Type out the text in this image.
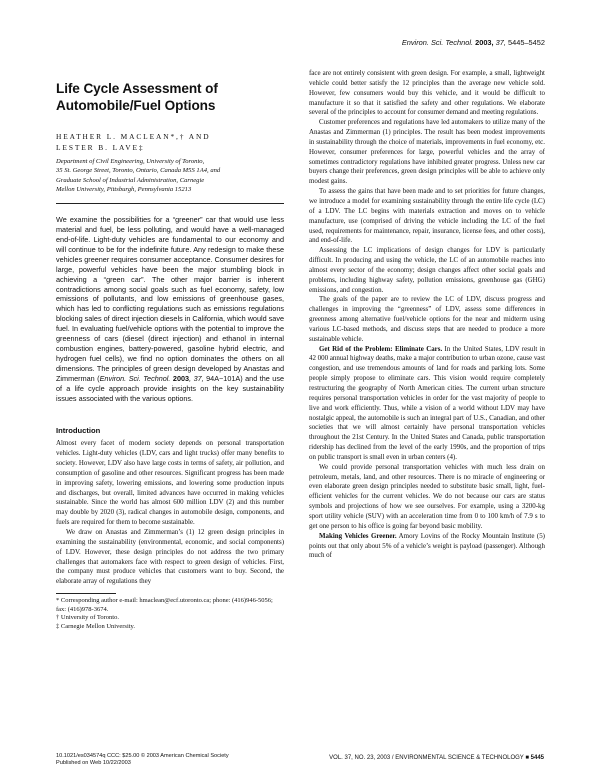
Environ. Sci. Technol. 2003, 37, 5445–5452
Life Cycle Assessment of Automobile/Fuel Options
HEATHER L. MACLEAN*,† AND
LESTER B. LAVE‡
Department of Civil Engineering, University of Toronto,
35 St. George Street, Toronto, Ontario, Canada M5S 1A4, and
Graduate School of Industrial Administration, Carnegie
Mellon University, Pittsburgh, Pennsylvania 15213
We examine the possibilities for a “greener” car that would use less material and fuel, be less polluting, and would have a well-managed end-of-life. Light-duty vehicles are fundamental to our economy and will continue to be for the indefinite future. Any redesign to make these vehicles greener requires consumer acceptance. Consumer desires for large, powerful vehicles have been the major stumbling block in achieving a “green car”. The other major barrier is inherent contradictions among social goals such as fuel economy, safety, low emissions of pollutants, and low emissions of greenhouse gases, which has led to conflicting regulations such as emissions regulations blocking sales of direct injection diesels in California, which would save fuel. In evaluating fuel/vehicle options with the potential to improve the greenness of cars (diesel (direct injection) and ethanol in internal combustion engines, battery-powered, gasoline hybrid electric, and hydrogen fuel cells), we find no option dominates the others on all dimensions. The principles of green design developed by Anastas and Zimmerman (Environ. Sci. Technol. 2003, 37, 94A−101A) and the use of a life cycle approach provide insights on the key sustainability issues associated with the various options.
Introduction

Almost every facet of modern society depends on personal transportation vehicles. Light-duty vehicles (LDV, cars and light trucks) offer many benefits to society. However, LDV also have large costs in terms of safety, air pollution, and consumption of gasoline and other resources. Significant progress has been made in improving safety, lowering emissions, and lowering some production inputs and discharges, but overall, limited advances have occurred in making vehicles sustainable. Since the world has almost 600 million LDV (2) and this number may double by 2020 (3), radical changes in automobile design, components, and fuels are required for them to become sustainable.

We draw on Anastas and Zimmerman’s (1) 12 green design principles in examining the sustainability (environmental, economic, and social components) of LDV. However, these design principles do not address the two primary challenges that automakers face with respect to green design of vehicles. First, the company must produce vehicles that customers want to buy. Second, the elaborate array of regulations they

* Corresponding author e-mail: hmaclean@ecf.utoronto.ca; phone: (416)946-5056; fax: (416)978-3674.
† University of Toronto.
‡ Carnegie Mellon University.

face are not entirely consistent with green design. For example, a small, lightweight vehicle could better satisfy the 12 principles than the average new vehicle sold. However, few consumers would buy this vehicle, and it would be difficult to manufacture it so that it satisfied the safety and other regulations. We elaborate several of the principles to account for consumer demand and meeting regulations.

Customer preferences and regulations have led automakers to utilize many of the Anastas and Zimmerman (1) principles. The result has been modest improvements in sustainability through the choice of materials, improvements in fuel economy, etc. However, consumer preferences for large, powerful vehicles and the array of sometimes contradictory regulations have inhibited greater progress. Unless new car buyers change their preferences, green design principles will be able to achieve only modest gains.

To assess the gains that have been made and to set priorities for future changes, we introduce a model for examining sustainability through the entire life cycle (LC) of a LDV. The LC begins with materials extraction and moves on to vehicle manufacture, use (comprised of driving the vehicle including the LC of the fuel used, requirements for maintenance, repair, insurance, license fees, and other costs), and end-of-life.

Assessing the LC implications of design changes for LDV is particularly difficult. In producing and using the vehicle, the LC of an automobile reaches into almost every sector of the economy; design changes affect other social goals and problems, including highway safety, pollution emissions, greenhouse gas (GHG) emissions, and congestion.

The goals of the paper are to review the LC of LDV, discuss progress and challenges in improving the “greenness” of LDV, assess some differences in greenness among alternative fuel/vehicle options for the near and midterm using various LC-based methods, and discuss steps that are needed to produce a more sustainable vehicle.

Get Rid of the Problem: Eliminate Cars. In the United States, LDV result in 42 000 annual highway deaths, make a major contribution to urban ozone, cause vast congestion, and use tremendous amounts of land for roads and parking lots. Some people simply propose to eliminate cars. This vision would require completely restructuring the geography of North American cities. The current urban structure requires personal transportation vehicles in order for the vast majority of people to live and work efficiently. Thus, while a vision of a world without LDV may have nostalgic appeal, the automobile is such an integral part of U.S., Canadian, and other societies that we will almost certainly have personal transportation vehicles throughout the 21st Century. In the United States and Canada, public transportation ridership has declined from the level of the early 1990s, and the proportion of trips on public transport is small even in urban centers (4).

We could provide personal transportation vehicles with much less drain on petroleum, metals, land, and other resources. There is no miracle of engineering or even elaborate green design principles needed to substitute basic small, light, fuel-efficient vehicles for the current vehicles. We do not because our cars are status symbols and projections of how we see ourselves. For example, using a 3200-kg sport utility vehicle (SUV) with an acceleration time from 0 to 100 km/h of 7.9 s to get one person to his office is going far beyond basic mobility.

Making Vehicles Greener. Amory Lovins of the Rocky Mountain Institute (5) points out that only about 5% of a vehicle’s weight is payload (passenger). Although much of

10.1021/es034574q CCC: $25.00 © 2003 American Chemical Society
Published on Web 10/22/2003
VOL. 37, NO. 23, 2003 / ENVIRONMENTAL SCIENCE & TECHNOLOGY ■ 5445
